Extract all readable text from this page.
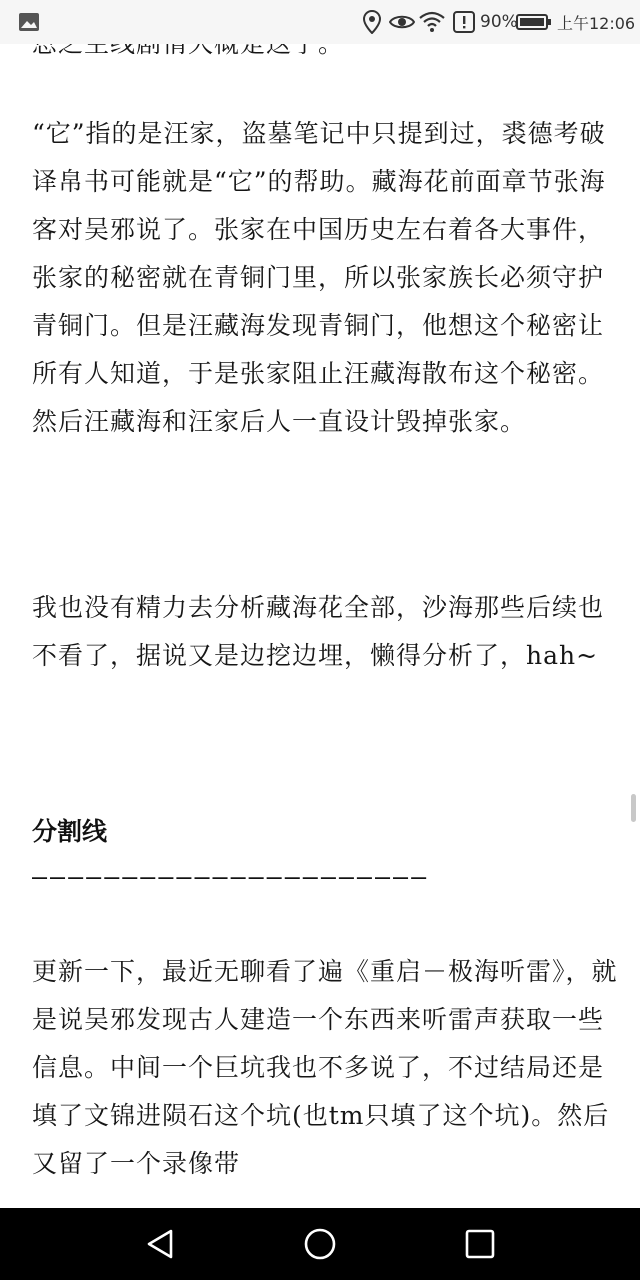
“它”指的是汪家，盗墓笔记中只提到过，裘德考破译帛书可能就是“它”的帮助。藏海花前面章节张海客对吴邪说了。张家在中国历史左右着各大事件，张家的秘密就在青铜门里，所以张家族长必须守护青铜门。但是汪藏海发现青铜门，他想这个秘密让所有人知道，于是张家阻止汪藏海散布这个秘密。然后汪藏海和汪家后人一直设计毁掉张家。
我也没有精力去分析藏海花全部，沙海那些后续也不看了，据说又是边挖边埋，懒得分析了，hah~
分割线
——————————————————————
更新一下，最近无聊看了遍《重启－极海听雷》，就是说吴邪发现古人建造一个东西来听雷声获取一些信息。中间一个巨坑我也不多说了，不过结局还是填了文锦进陨石这个坑(也tm只填了这个坑)。然后又留了一个录像带
90% 上午12:06
